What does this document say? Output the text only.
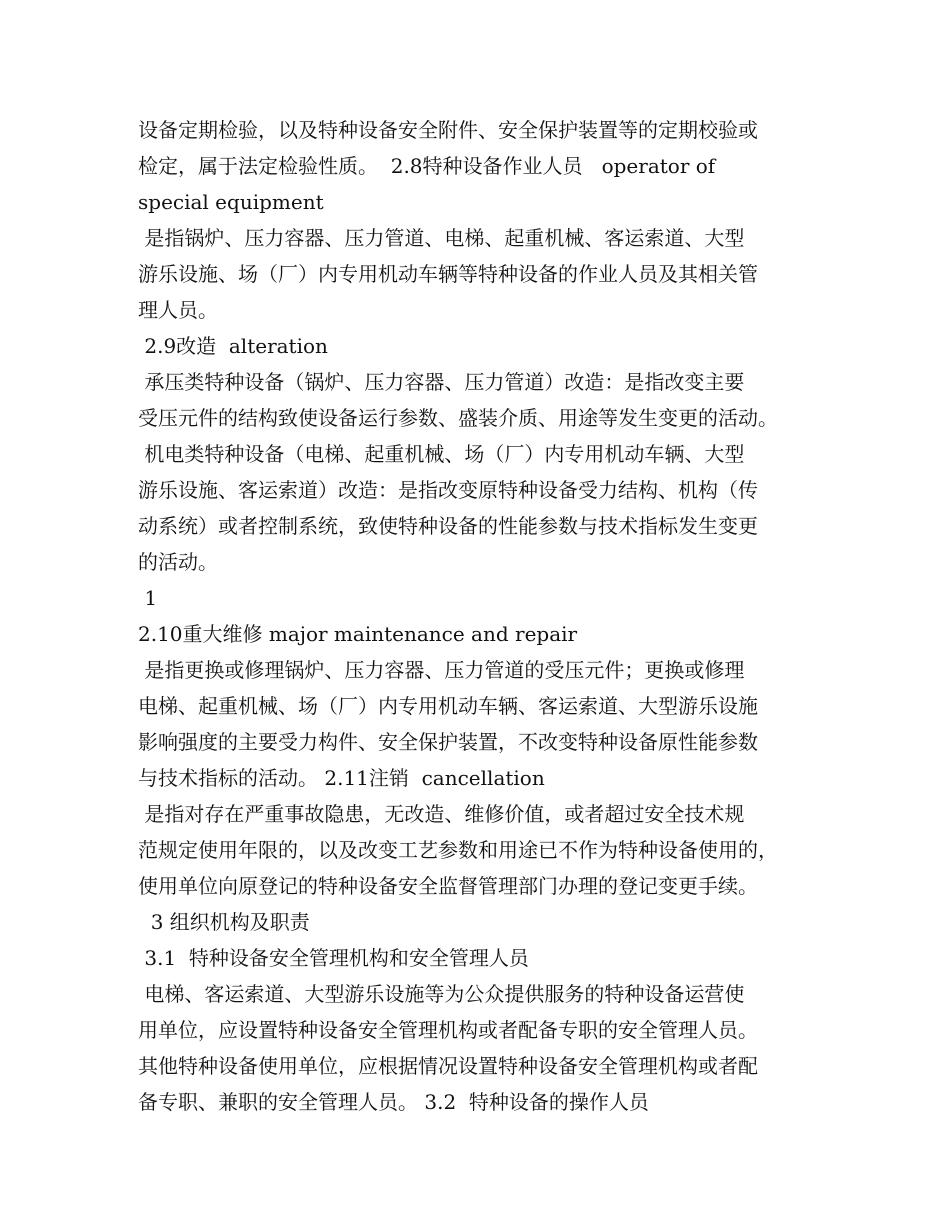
设备定期检验，以及特种设备安全附件、安全保护装置等的定期校验或
检定，属于法定检验性质。  2.8特种设备作业人员   operator of
special equipment
是指锅炉、压力容器、压力管道、电梯、起重机械、客运索道、大型
游乐设施、场（厂）内专用机动车辆等特种设备的作业人员及其相关管
理人员。
2.9改造  alteration
承压类特种设备（锅炉、压力容器、压力管道）改造：是指改变主要
受压元件的结构致使设备运行参数、盛装介质、用途等发生变更的活动。
机电类特种设备（电梯、起重机械、场（厂）内专用机动车辆、大型
游乐设施、客运索道）改造：是指改变原特种设备受力结构、机构（传
动系统）或者控制系统，致使特种设备的性能参数与技术指标发生变更
的活动。
1
2.10重大维修 major maintenance and repair
是指更换或修理锅炉、压力容器、压力管道的受压元件；更换或修理
电梯、起重机械、场（厂）内专用机动车辆、客运索道、大型游乐设施
影响强度的主要受力构件、安全保护装置，不改变特种设备原性能参数
与技术指标的活动。 2.11注销  cancellation
是指对存在严重事故隐患，无改造、维修价值，或者超过安全技术规
范规定使用年限的，以及改变工艺参数和用途已不作为特种设备使用的，
使用单位向原登记的特种设备安全监督管理部门办理的登记变更手续。
3 组织机构及职责
3.1  特种设备安全管理机构和安全管理人员
电梯、客运索道、大型游乐设施等为公众提供服务的特种设备运营使
用单位，应设置特种设备安全管理机构或者配备专职的安全管理人员。
其他特种设备使用单位，应根据情况设置特种设备安全管理机构或者配
备专职、兼职的安全管理人员。 3.2  特种设备的操作人员
